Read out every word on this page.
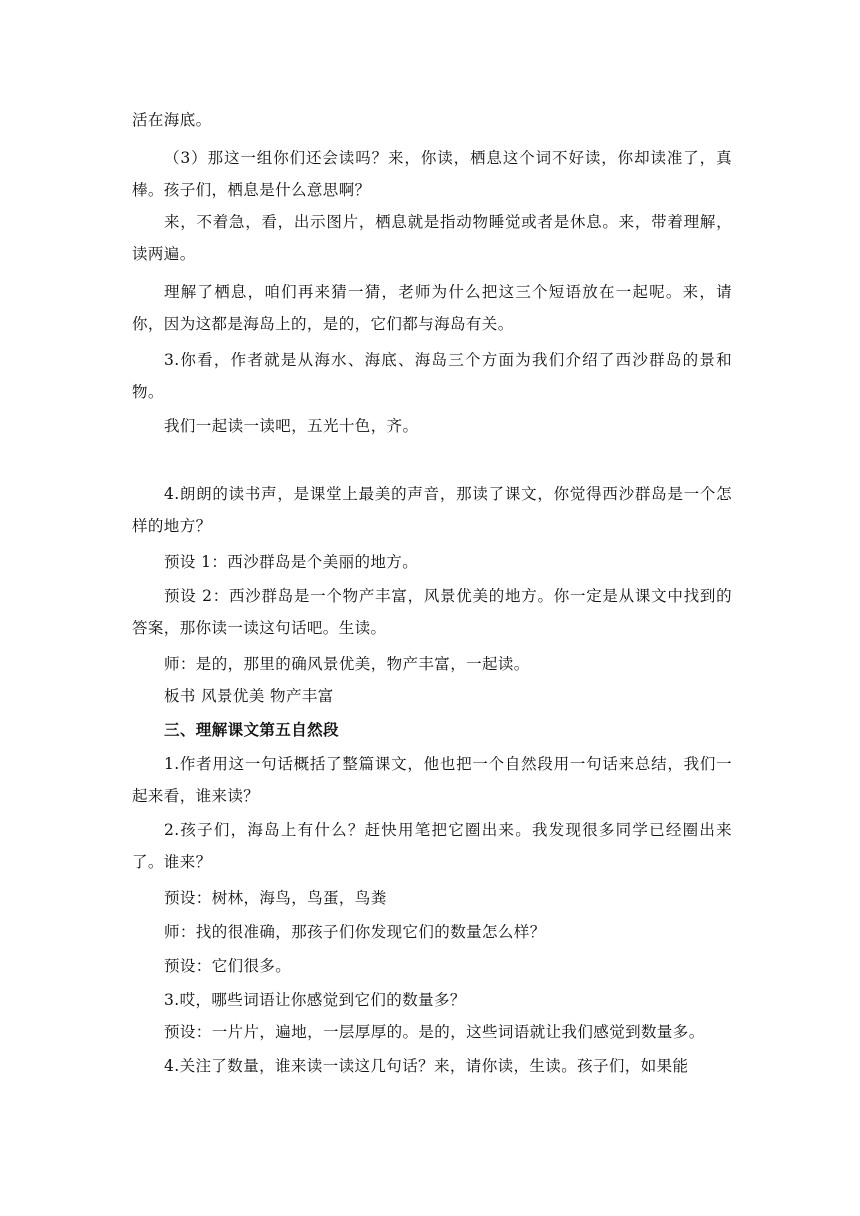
活在海底。

（3）那这一组你们还会读吗？来，你读，栖息这个词不好读，你却读准了，真棒。孩子们，栖息是什么意思啊？

来，不着急，看，出示图片，栖息就是指动物睡觉或者是休息。来，带着理解，读两遍。

理解了栖息，咱们再来猜一猜，老师为什么把这三个短语放在一起呢。来，请你，因为这都是海岛上的，是的，它们都与海岛有关。

3.你看，作者就是从海水、海底、海岛三个方面为我们介绍了西沙群岛的景和物。

我们一起读一读吧，五光十色，齐。

4.朗朗的读书声，是课堂上最美的声音，那读了课文，你觉得西沙群岛是一个怎样的地方？

预设 1：西沙群岛是个美丽的地方。

预设 2：西沙群岛是一个物产丰富，风景优美的地方。你一定是从课文中找到的答案，那你读一读这句话吧。生读。

师：是的，那里的确风景优美，物产丰富，一起读。

板书 风景优美 物产丰富

三、理解课文第五自然段

1.作者用这一句话概括了整篇课文，他也把一个自然段用一句话来总结，我们一起来看，谁来读？

2.孩子们，海岛上有什么？赶快用笔把它圈出来。我发现很多同学已经圈出来了。谁来？

预设：树林，海鸟，鸟蛋，鸟粪

师：找的很准确，那孩子们你发现它们的数量怎么样？

预设：它们很多。

3.哎，哪些词语让你感觉到它们的数量多？

预设：一片片，遍地，一层厚厚的。是的，这些词语就让我们感觉到数量多。

4.关注了数量，谁来读一读这几句话？来，请你读，生读。孩子们，如果能
